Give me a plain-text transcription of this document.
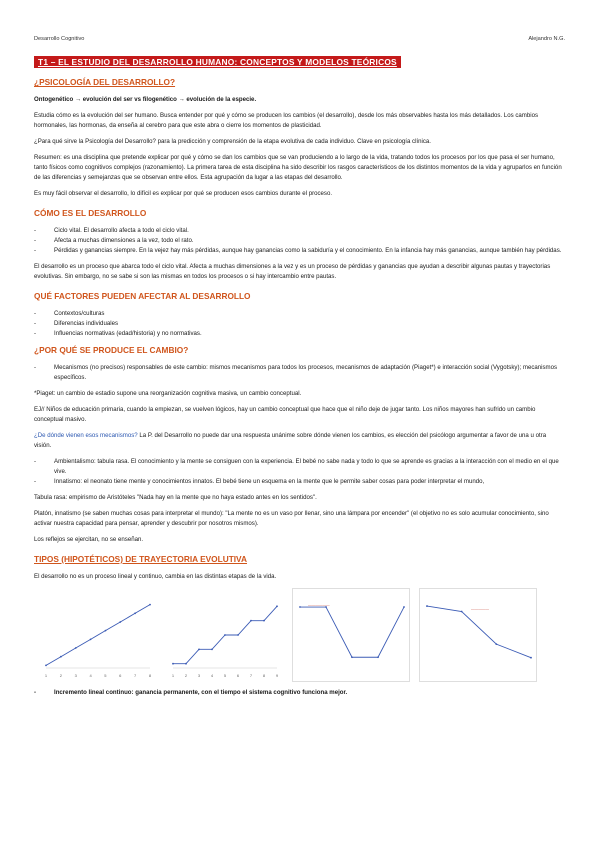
Desarrollo Cognitivo	Alejandro N.G.
T1 – EL ESTUDIO DEL DESARROLLO HUMANO: CONCEPTOS Y MODELOS TEÓRICOS
¿PSICOLOGÍA DEL DESARROLLO?

Ontogenético → evolución del ser vs filogenético → evolución de la especie.

Estudia cómo es la evolución del ser humano. Busca entender por qué y cómo se producen los cambios (el desarrollo), desde los más observables hasta los más detallados. Los cambios hormonales, las hormonas, da enseña al cerebro para que este abra o cierre los momentos de plasticidad.

¿Para qué sirve la Psicología del Desarrollo? para la predicción y comprensión de la etapa evolutiva de cada individuo. Clave en psicología clínica.

Resumen: es una disciplina que pretende explicar por qué y cómo se dan los cambios que se van produciendo a lo largo de la vida, tratando todos los procesos por los que pasa el ser humano, tanto físicos como cognitivos complejos (razonamiento). La primera tarea de esta disciplina ha sido describir los rasgos característicos de los distintos momentos de la vida y agruparlos en función de las diferencias y semejanzas que se observan entre ellos. Esta agrupación da lugar a las etapas del desarrollo.

Es muy fácil observar el desarrollo, lo difícil es explicar por qué se producen esos cambios durante el proceso.

CÓMO ES EL DESARROLLO
- Ciclo vital. El desarrollo afecta a todo el ciclo vital.
- Afecta a muchas dimensiones a la vez, todo el rato.
- Pérdidas y ganancias siempre. En la vejez hay más pérdidas, aunque hay ganancias como la sabiduría y el conocimiento. En la infancia hay más ganancias, aunque también hay pérdidas.

El desarrollo es un proceso que abarca todo el ciclo vital. Afecta a muchas dimensiones a la vez y es un proceso de pérdidas y ganancias que ayudan a describir algunas pautas y trayectorias evolutivas. Sin embargo, no se sabe si son las mismas en todos los procesos o si hay intercambio entre pautas.

QUÉ FACTORES PUEDEN AFECTAR AL DESARROLLO
- Contextos/culturas
- Diferencias individuales
- Influencias normativas (edad/historia) y no normativas.
¿POR QUÉ SE PRODUCE EL CAMBIO?
- Mecanismos (no precisos) responsables de este cambio: mismos mecanismos para todos los procesos, mecanismos de adaptación (Piaget*) e interacción social (Vygotsky); mecanismos específicos.

*Piaget: un cambio de estadio supone una reorganización cognitiva masiva, un cambio conceptual.

EJ// Niños de educación primaria, cuando la empiezan, se vuelven lógicos, hay un cambio conceptual que hace que el niño deje de jugar tanto. Los niños mayores han sufrido un cambio conceptual masivo.

¿De dónde vienen esos mecanismos? La P. del Desarrollo no puede dar una respuesta unánime sobre dónde vienen los cambios, es elección del psicólogo argumentar a favor de una u otra visión.

- Ambientalismo: tabula rasa. El conocimiento y la mente se consiguen con la experiencia. El bebé no sabe nada y todo lo que se aprende es gracias a la interacción con el medio en el que vive.
- Innatismo: el neonato tiene mente y conocimientos innatos. El bebé tiene un esquema en la mente que le permite saber cosas para poder interpretar el mundo,

Tabula rasa: empirismo de Aristóteles "Nada hay en la mente que no haya estado antes en los sentidos".

Platón, innatismo (se saben muchas cosas para interpretar el mundo): "La mente no es un vaso por llenar, sino una lámpara por encender" (el objetivo no es solo acumular conocimiento, sino activar nuestra capacidad para pensar, aprender y descubrir por nosotros mismos).

Los reflejos se ejercitan, no se enseñan.

TIPOS (HIPOTÉTICOS) DE TRAYECTORIA EVOLUTIVA

El desarrollo no es un proceso lineal y continuo, cambia en las distintas etapas de la vida.

1	2	3	4	5	6	7	8	1	2	3	4	5	6	7	8	9
——————
—————
- Incremento lineal continuo: ganancia permanente, con el tiempo el sistema cognitivo funciona mejor.
